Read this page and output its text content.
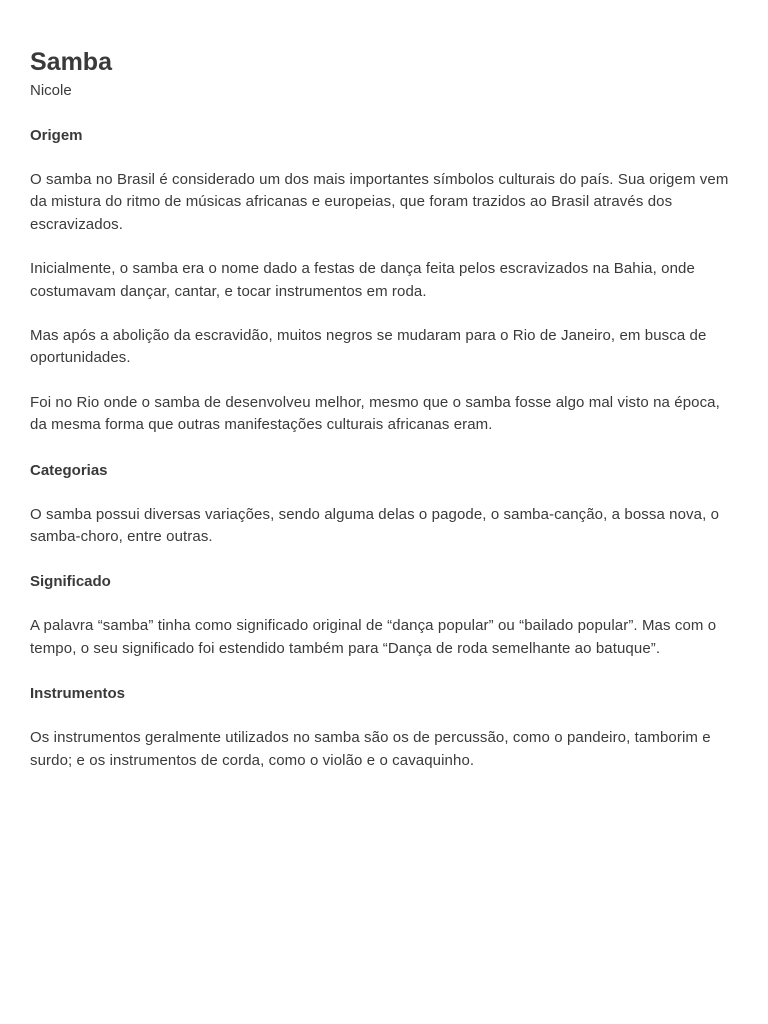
Samba
Nicole
Origem

O samba no Brasil é considerado um dos mais importantes símbolos culturais do país. Sua origem vem da mistura do ritmo de músicas africanas e europeias, que foram trazidos ao Brasil através dos escravizados.

Inicialmente, o samba era o nome dado a festas de dança feita pelos escravizados na Bahia, onde costumavam dançar, cantar, e tocar instrumentos em roda.

Mas após a abolição da escravidão, muitos negros se mudaram para o Rio de Janeiro, em busca de oportunidades.

Foi no Rio onde o samba de desenvolveu melhor, mesmo que o samba fosse algo mal visto na época, da mesma forma que outras manifestações culturais africanas eram.

Categorias

O samba possui diversas variações, sendo alguma delas o pagode, o samba-canção, a bossa nova, o samba-choro, entre outras.

Significado

A palavra “samba” tinha como significado original de “dança popular” ou “bailado popular”. Mas com o tempo, o seu significado foi estendido também para “Dança de roda semelhante ao batuque”.

Instrumentos

Os instrumentos geralmente utilizados no samba são os de percussão, como o pandeiro, tamborim e surdo; e os instrumentos de corda, como o violão e o cavaquinho.
